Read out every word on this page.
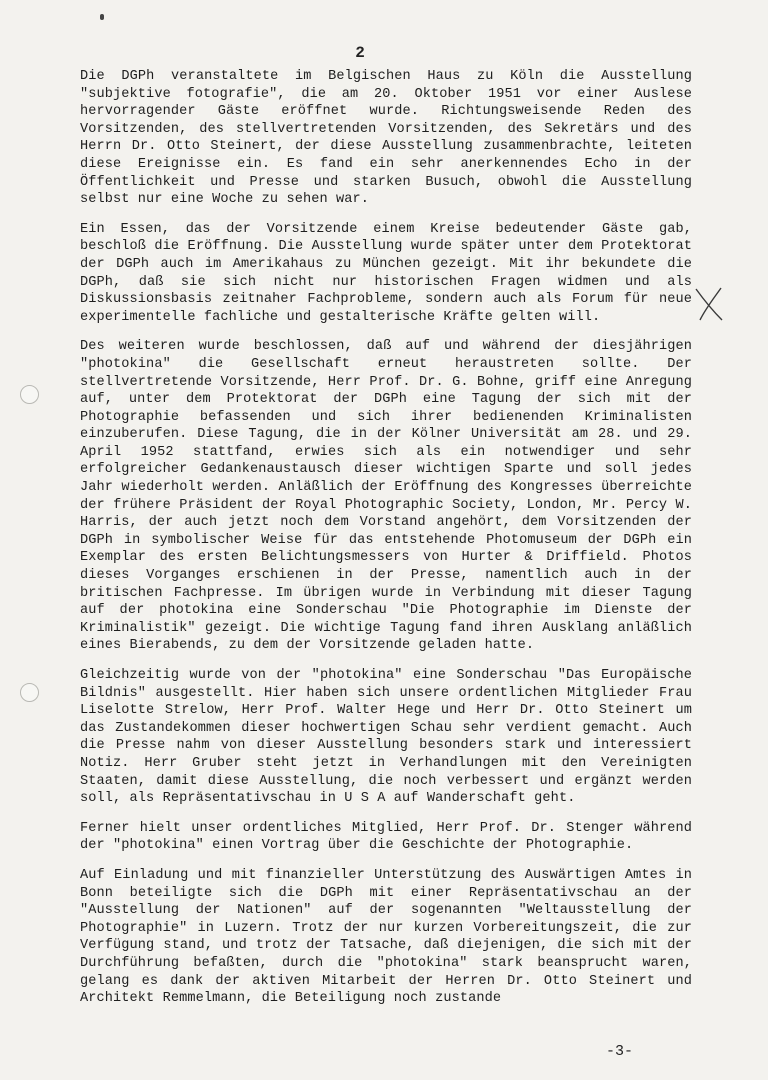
2

Die DGPh veranstaltete im Belgischen Haus zu Köln die Ausstellung "subjektive fotografie", die am 20. Oktober 1951 vor einer Auslese hervorragender Gäste eröffnet wurde. Richtungsweisende Reden des Vorsitzenden, des stellvertretenden Vorsitzenden, des Sekretärs und des Herrn Dr. Otto Steinert, der diese Ausstellung zusammenbrachte, leiteten diese Ereignisse ein. Es fand ein sehr anerkennendes Echo in der Öffentlichkeit und Presse und starken Busuch, obwohl die Ausstellung selbst nur eine Woche zu sehen war.

Ein Essen, das der Vorsitzende einem Kreise bedeutender Gäste gab, beschloß die Eröffnung. Die Ausstellung wurde später unter dem Protektorat der DGPh auch im Amerikahaus zu München gezeigt. Mit ihr bekundete die DGPh, daß sie sich nicht nur historischen Fragen widmen und als Diskussionsbasis zeitnaher Fachprobleme, sondern auch als Forum für neue experimentelle fachliche und gestalterische Kräfte gelten will.

Des weiteren wurde beschlossen, daß auf und während der diesjährigen "photokina" die Gesellschaft erneut heraustreten sollte. Der stellvertretende Vorsitzende, Herr Prof. Dr. G. Bohne, griff eine Anregung auf, unter dem Protektorat der DGPh eine Tagung der sich mit der Photographie befassenden und sich ihrer bedienenden Kriminalisten einzuberufen. Diese Tagung, die in der Kölner Universität am 28. und 29. April 1952 stattfand, erwies sich als ein notwendiger und sehr erfolgreicher Gedankenaustausch dieser wichtigen Sparte und soll jedes Jahr wiederholt werden. Anläßlich der Eröffnung des Kongresses überreichte der frühere Präsident der Royal Photographic Society, London, Mr. Percy W. Harris, der auch jetzt noch dem Vorstand angehört, dem Vorsitzenden der DGPh in symbolischer Weise für das entstehende Photomuseum der DGPh ein Exemplar des ersten Belichtungsmessers von Hurter & Driffield. Photos dieses Vorganges erschienen in der Presse, namentlich auch in der britischen Fachpresse. Im übrigen wurde in Verbindung mit dieser Tagung auf der photokina eine Sonderschau "Die Photographie im Dienste der Kriminalistik" gezeigt. Die wichtige Tagung fand ihren Ausklang anläßlich eines Bierabends, zu dem der Vorsitzende geladen hatte.

Gleichzeitig wurde von der "photokina" eine Sonderschau "Das Europäische Bildnis" ausgestellt. Hier haben sich unsere ordentlichen Mitglieder Frau Liselotte Strelow, Herr Prof. Walter Hege und Herr Dr. Otto Steinert um das Zustandekommen dieser hochwertigen Schau sehr verdient gemacht. Auch die Presse nahm von dieser Ausstellung besonders stark und interessiert Notiz. Herr Gruber steht jetzt in Verhandlungen mit den Vereinigten Staaten, damit diese Ausstellung, die noch verbessert und ergänzt werden soll, als Repräsentativschau in U S A auf Wanderschaft geht.

Ferner hielt unser ordentliches Mitglied, Herr Prof. Dr. Stenger während der "photokina" einen Vortrag über die Geschichte der Photographie.

Auf Einladung und mit finanzieller Unterstützung des Auswärtigen Amtes in Bonn beteiligte sich die DGPh mit einer Repräsentativschau an der "Ausstellung der Nationen" auf der sogenannten "Weltausstellung der Photographie" in Luzern. Trotz der nur kurzen Vorbereitungszeit, die zur Verfügung stand, und trotz der Tatsache, daß diejenigen, die sich mit der Durchführung befaßten, durch die "photokina" stark beansprucht waren, gelang es dank der aktiven Mitarbeit der Herren Dr. Otto Steinert und Architekt Remmelmann, die Beteiligung noch zustande

-3-
